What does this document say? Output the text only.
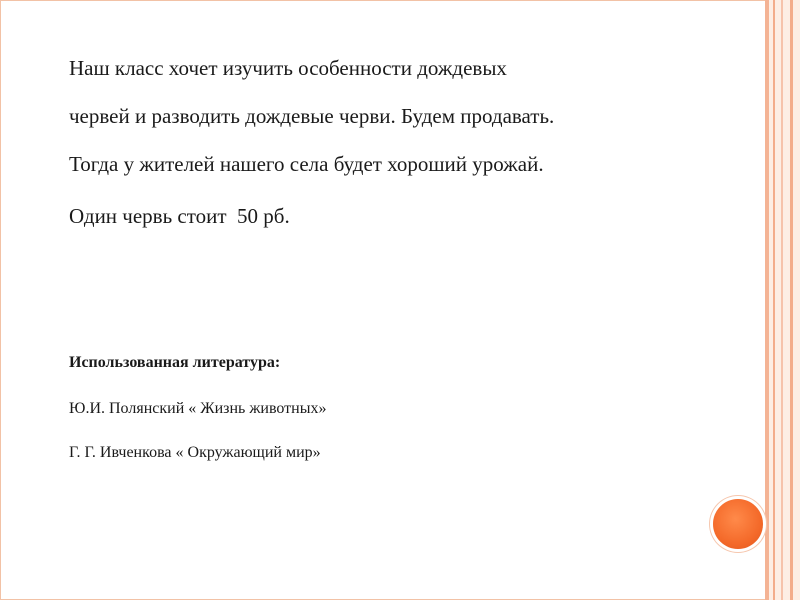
Наш класс хочет изучить особенности дождевых

червей и разводить дождевые черви. Будем продавать.

Тогда у жителей нашего села будет хороший урожай.

Один червь стоит  50 рб.

Использованная литература:

Ю.И. Полянский « Жизнь животных»

Г. Г. Ивченкова « Окружающий мир»
